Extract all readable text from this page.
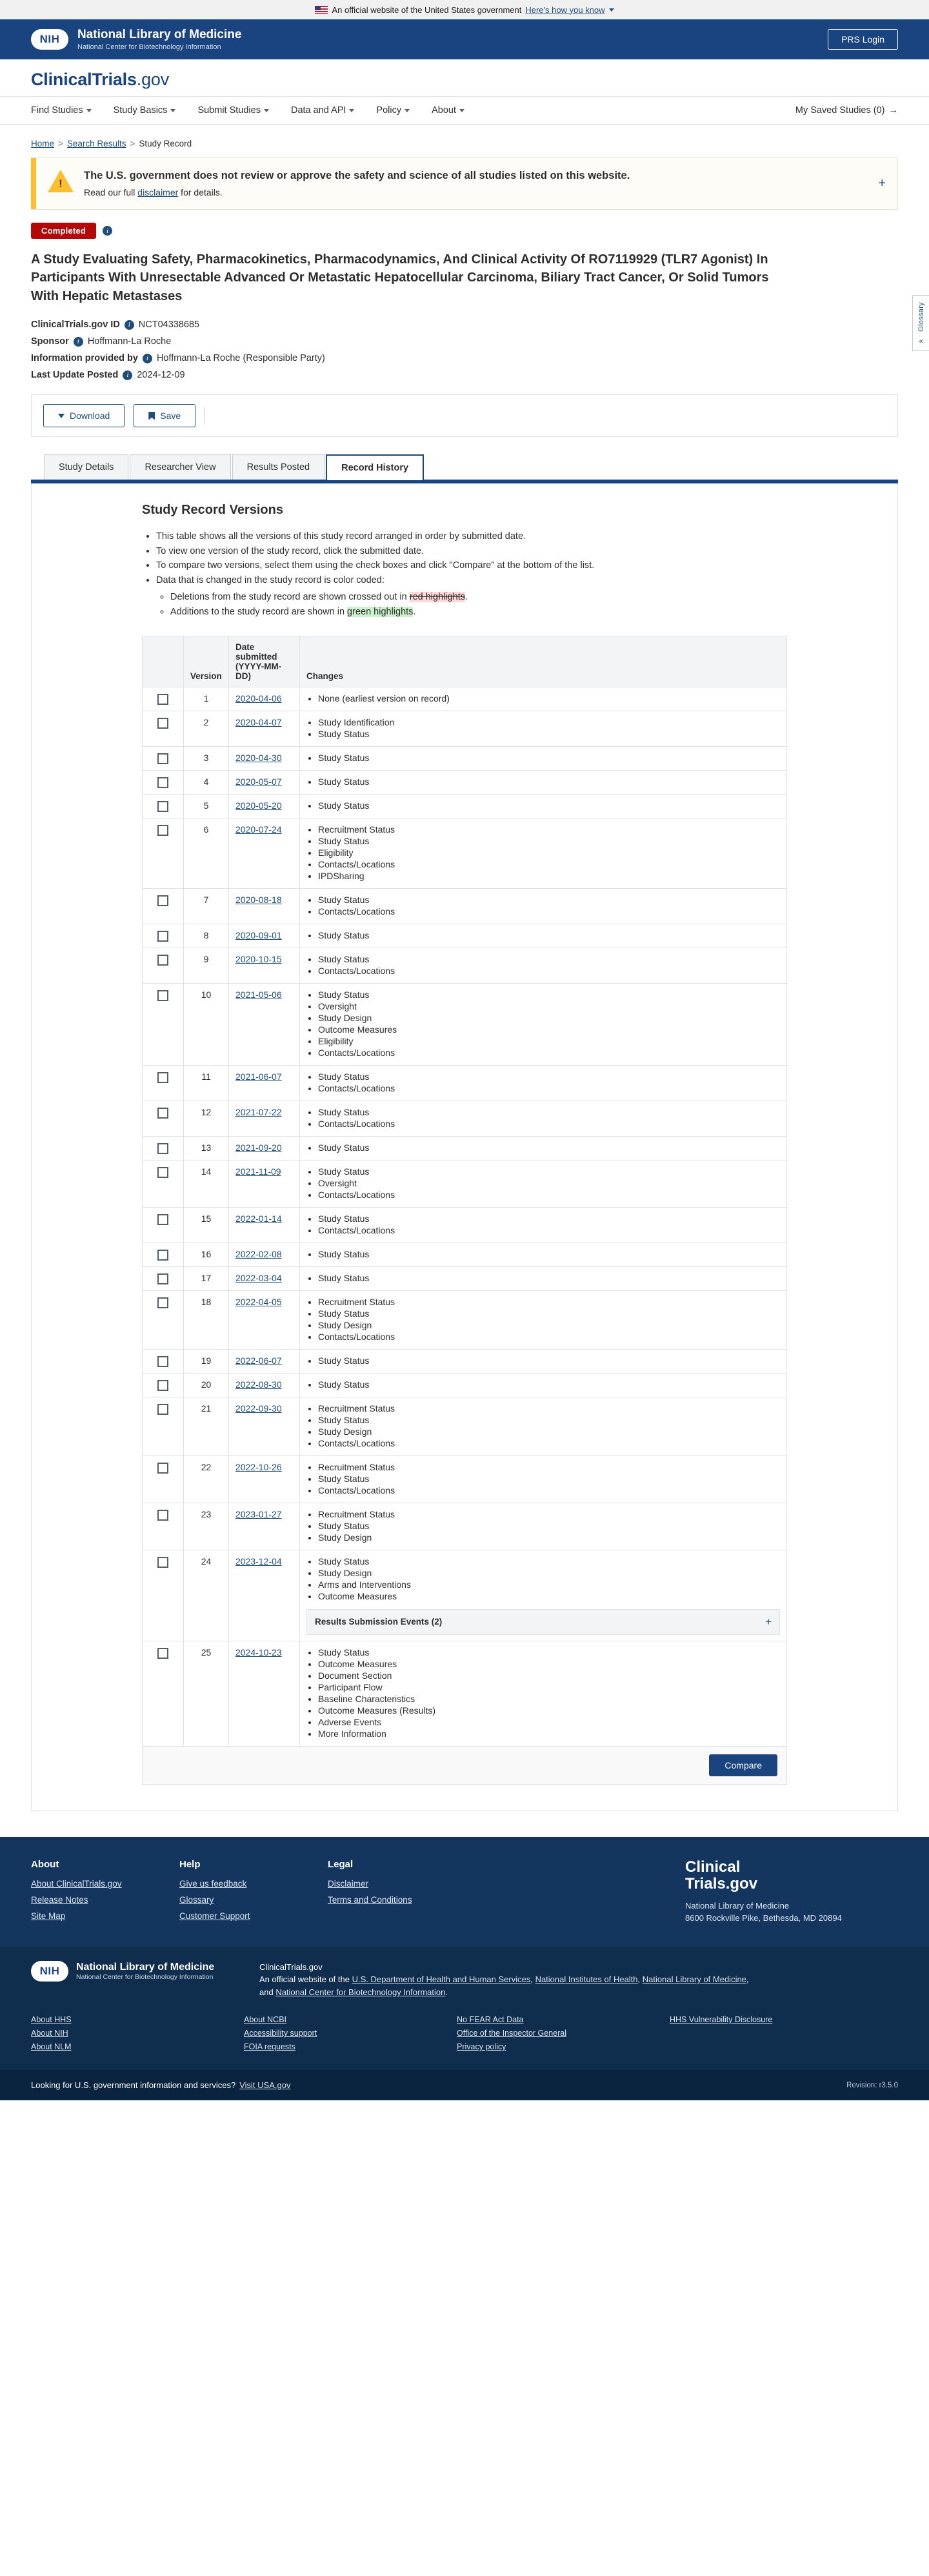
An official website of the United States government Here's how you know
NIH	National Library of Medicine
National Center for Biotechnology Information
PRS Login
ClinicalTrials.gov
Find Studies	Study Basics	Submit Studies	Data and API	Policy	About	My Saved Studies (0) →
Home > Search Results > Study Record
Glossary
«
!
The U.S. government does not review or approve the safety and science of all studies listed on this website.
Read our full disclaimer for details.
+
Completed	i
A Study Evaluating Safety, Pharmacokinetics, Pharmacodynamics, And Clinical Activity Of RO7119929 (TLR7 Agonist) In Participants With Unresectable Advanced Or Metastatic Hepatocellular Carcinoma, Biliary Tract Cancer, Or Solid Tumors With Hepatic Metastases
ClinicalTrials.gov ID	i NCT04338685
Sponsor	i Hoffmann-La Roche
Information provided by	i Hoffmann-La Roche (Responsible Party)
Last Update Posted	i 2024-12-09
Download	Save
Study Details	Researcher View	Results Posted	Record History
Study Record Versions
• This table shows all the versions of this study record arranged in order by submitted date.
• To view one version of the study record, click the submitted date.
• To compare two versions, select them using the check boxes and click "Compare" at the bottom of the list.
• Data that is changed in the study record is color coded:
◦ Deletions from the study record are shown crossed out in red highlights.
◦ Additions to the study record are shown in green highlights.
	Version	Date submitted (YYYY-MM-DD)	Changes
	1	2020-04-06	
•None (earliest version on record)

	2	2020-04-07	
•Study Identification
• Study Status

	3	2020-04-30	
•Study Status

	4	2020-05-07	
•Study Status

	5	2020-05-20	
•Study Status

	6	2020-07-24	
•Recruitment Status
• Study Status
• Eligibility
• Contacts/Locations
• IPDSharing

	7	2020-08-18	
•Study Status
• Contacts/Locations

	8	2020-09-01	
•Study Status

	9	2020-10-15	
•Study Status
• Contacts/Locations

	10	2021-05-06	
•Study Status
• Oversight
• Study Design
• Outcome Measures
• Eligibility
• Contacts/Locations

	11	2021-06-07	
•Study Status
• Contacts/Locations

	12	2021-07-22	
•Study Status
• Contacts/Locations

	13	2021-09-20	
•Study Status

	14	2021-11-09	
•Study Status
• Oversight
• Contacts/Locations

	15	2022-01-14	
•Study Status
• Contacts/Locations

	16	2022-02-08	
•Study Status

	17	2022-03-04	
•Study Status

	18	2022-04-05	
•Recruitment Status
• Study Status
• Study Design
• Contacts/Locations

	19	2022-06-07	
•Study Status

	20	2022-08-30	
•Study Status

	21	2022-09-30	
•Recruitment Status
• Study Status
• Study Design
• Contacts/Locations

	22	2022-10-26	
•Recruitment Status
• Study Status
• Contacts/Locations

	23	2023-01-27	
•Recruitment Status
• Study Status
• Study Design

	24	2023-12-04	
•Study Status
• Study Design
• Arms and Interventions
• Outcome Measures
Results Submission Events (2)	+

	25	2024-10-23	
•Study Status
• Outcome Measures
• Document Section
• Participant Flow
• Baseline Characteristics
• Outcome Measures (Results)
• Adverse Events
• More Information
Compare
About
About ClinicalTrials.gov
Release Notes
Site Map
Help
Give us feedback
Glossary
Customer Support
Legal
Disclaimer
Terms and Conditions
Clinical
Trials.gov
National Library of Medicine
8600 Rockville Pike, Bethesda, MD 20894
NIH	National Library of Medicine
National Center for Biotechnology Information
ClinicalTrials.gov
An official website of the U.S. Department of Health and Human Services, National Institutes of Health, National Library of Medicine, and National Center for Biotechnology Information.
About HHS
About NIH
About NLM
About NCBI
Accessibility support
FOIA requests
No FEAR Act Data
Office of the Inspector General
Privacy policy
HHS Vulnerability Disclosure
Looking for U.S. government information and services? Visit USA.gov	Revision: r3.5.0
